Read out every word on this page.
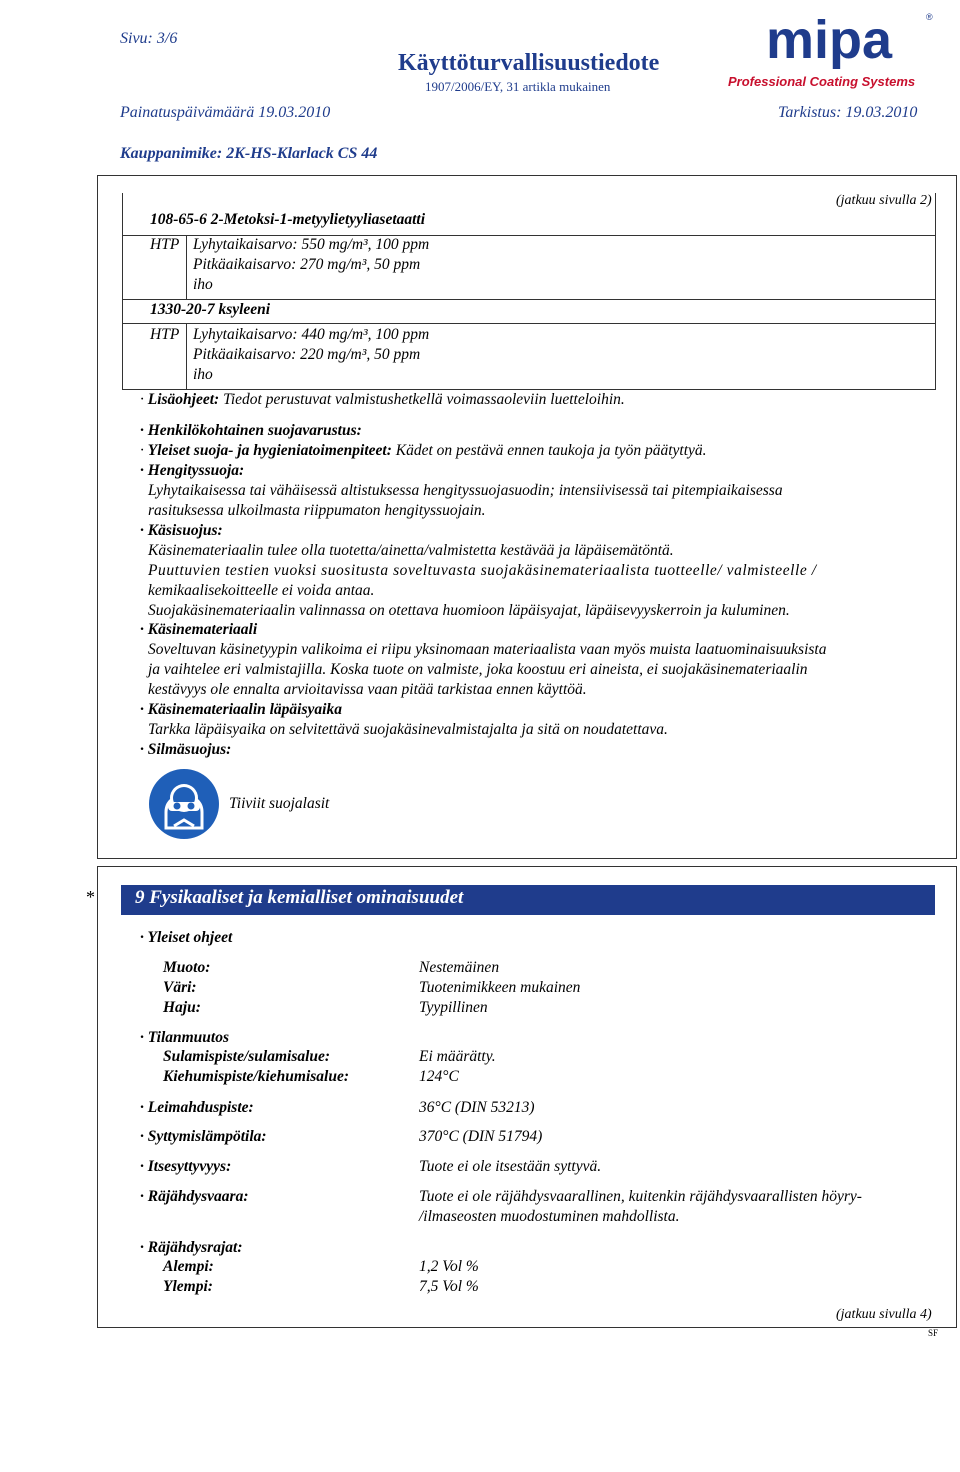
Sivu: 3/6
Käyttöturvallisuustiedote
1907/2006/EY, 31 artikla mukainen
Painatuspäivämäärä 19.03.2010	Tarkistus: 19.03.2010
Kauppanimike: 2K-HS-Klarlack CS 44
mipa	®
Professional Coating Systems
(jatkuu sivulla 2)
108-65-6 2-Metoksi-1-metyylietyyliasetaatti
HTP Lyhytaikaisarvo: 550 mg/m³, 100 ppm
Pitkäaikaisarvo: 270 mg/m³, 50 ppm
iho
1330-20-7 ksyleeni
HTP Lyhytaikaisarvo: 440 mg/m³, 100 ppm
Pitkäaikaisarvo: 220 mg/m³, 50 ppm
iho
· Lisäohjeet: Tiedot perustuvat valmistushetkellä voimassaoleviin luetteloihin.
· Henkilökohtainen suojavarustus:
· Yleiset suoja- ja hygieniatoimenpiteet: Kädet on pestävä ennen taukoja ja työn päätyttyä.
· Hengityssuoja:
Lyhytaikaisessa tai vähäisessä altistuksessa hengityssuojasuodin; intensiivisessä tai pitempiaikaisessa
rasituksessa ulkoilmasta riippumaton hengityssuojain.
· Käsisuojus:
Käsinemateriaalin tulee olla tuotetta/ainetta/valmistetta kestävää ja läpäisemätöntä.
Puuttuvien testien vuoksi suositusta soveltuvasta suojakäsinemateriaalista tuotteelle/ valmisteelle /
kemikaalisekoitteelle ei voida antaa.
Suojakäsinemateriaalin valinnassa on otettava huomioon läpäisyajat, läpäisevyyskerroin ja kuluminen.
· Käsinemateriaali
Soveltuvan käsinetyypin valikoima ei riipu yksinomaan materiaalista vaan myös muista laatuominaisuuksista
ja vaihtelee eri valmistajilla. Koska tuote on valmiste, joka koostuu eri aineista, ei suojakäsinemateriaalin
kestävyys ole ennalta arvioitavissa vaan pitää tarkistaa ennen käyttöä.
· Käsinemateriaalin läpäisyaika
Tarkka läpäisyaika on selvitettävä suojakäsinevalmistajalta ja sitä on noudatettava.
· Silmäsuojus:
Tiiviit suojalasit
* 9 Fysikaaliset ja kemialliset ominaisuudet
· Yleiset ohjeet
Muoto:	Nestemäinen
Väri:	Tuotenimikkeen mukainen
Haju:	Tyypillinen
· Tilanmuutos
Sulamispiste/sulamisalue:	Ei määrätty.
Kiehumispiste/kiehumisalue:	124°C
· Leimahduspiste:	36°C (DIN 53213)
· Syttymislämpötila:	370°C (DIN 51794)
· Itsesyttyvyys:	Tuote ei ole itsestään syttyvä.
· Räjähdysvaara:	Tuote ei ole räjähdysvaarallinen, kuitenkin räjähdysvaarallisten höyry-
/ilmaseosten muodostuminen mahdollista.
· Räjähdysrajat:
Alempi:	1,2 Vol %
Ylempi:	7,5 Vol %
(jatkuu sivulla 4)
SF
